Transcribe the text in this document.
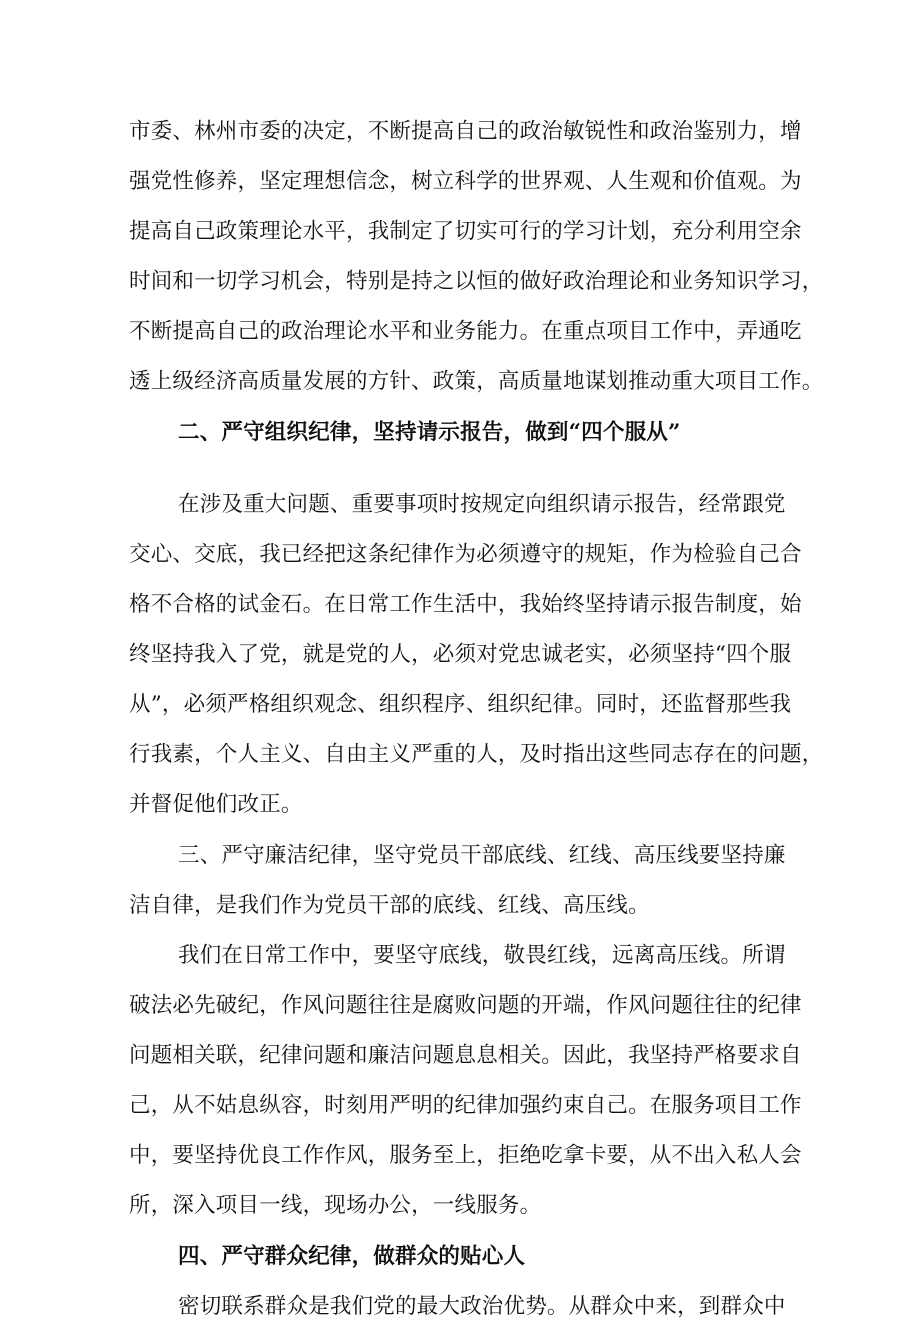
市委、林州市委的决定，不断提高自己的政治敏锐性和政治鉴别力，增
强党性修养，坚定理想信念，树立科学的世界观、人生观和价值观。为
提高自己政策理论水平，我制定了切实可行的学习计划，充分利用空余
时间和一切学习机会，特别是持之以恒的做好政治理论和业务知识学习，
不断提高自己的政治理论水平和业务能力。在重点项目工作中，弄通吃
透上级经济高质量发展的方针、政策，高质量地谋划推动重大项目工作。
二、严守组织纪律，坚持请示报告，做到“四个服从”
在涉及重大问题、重要事项时按规定向组织请示报告，经常跟党
交心、交底，我已经把这条纪律作为必须遵守的规矩，作为检验自己合
格不合格的试金石。在日常工作生活中，我始终坚持请示报告制度，始
终坚持我入了党，就是党的人，必须对党忠诚老实，必须坚持“四个服
从”，必须严格组织观念、组织程序、组织纪律。同时，还监督那些我
行我素，个人主义、自由主义严重的人，及时指出这些同志存在的问题，
并督促他们改正。
三、严守廉洁纪律，坚守党员干部底线、红线、高压线要坚持廉
洁自律，是我们作为党员干部的底线、红线、高压线。
我们在日常工作中，要坚守底线，敬畏红线，远离高压线。所谓
破法必先破纪，作风问题往往是腐败问题的开端，作风问题往往的纪律
问题相关联，纪律问题和廉洁问题息息相关。因此，我坚持严格要求自
己，从不姑息纵容，时刻用严明的纪律加强约束自己。在服务项目工作
中，要坚持优良工作作风，服务至上，拒绝吃拿卡要，从不出入私人会
所，深入项目一线，现场办公，一线服务。
四、严守群众纪律，做群众的贴心人
密切联系群众是我们党的最大政治优势。从群众中来，到群众中
